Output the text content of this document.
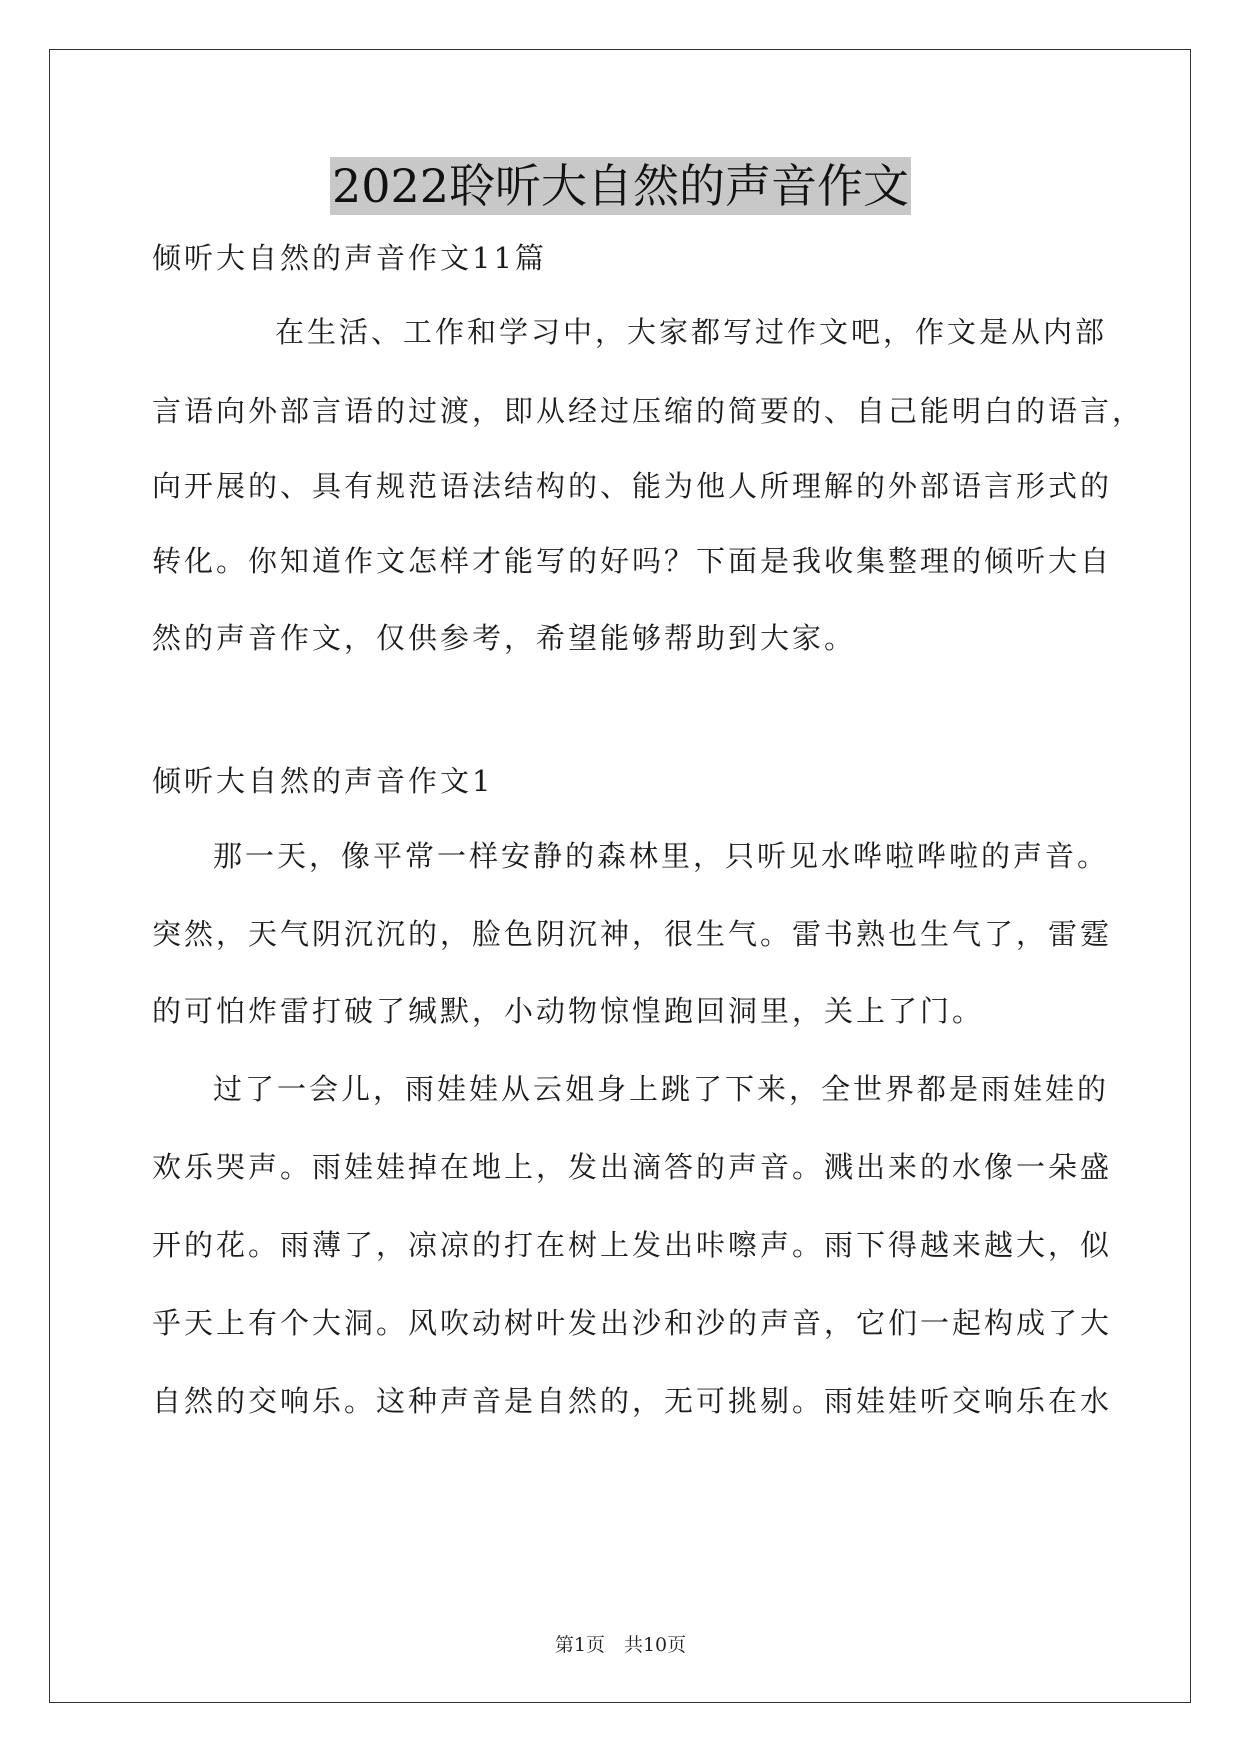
2022聆听大自然的声音作文
倾听大自然的声音作文11篇
在生活、工作和学习中，大家都写过作文吧，作文是从内部
言语向外部言语的过渡，即从经过压缩的简要的、自己能明白的语言，
向开展的、具有规范语法结构的、能为他人所理解的外部语言形式的
转化。你知道作文怎样才能写的好吗？下面是我收集整理的倾听大自
然的声音作文，仅供参考，希望能够帮助到大家。
倾听大自然的声音作文1
那一天，像平常一样安静的森林里，只听见水哗啦哗啦的声音。
突然，天气阴沉沉的，脸色阴沉神，很生气。雷书熟也生气了，雷霆
的可怕炸雷打破了缄默，小动物惊惶跑回洞里，关上了门。
过了一会儿，雨娃娃从云姐身上跳了下来，全世界都是雨娃娃的
欢乐哭声。雨娃娃掉在地上，发出滴答的声音。溅出来的水像一朵盛
开的花。雨薄了，凉凉的打在树上发出咔嚓声。雨下得越来越大，似
乎天上有个大洞。风吹动树叶发出沙和沙的声音，它们一起构成了大
自然的交响乐。这种声音是自然的，无可挑剔。雨娃娃听交响乐在水
第1页　共10页
